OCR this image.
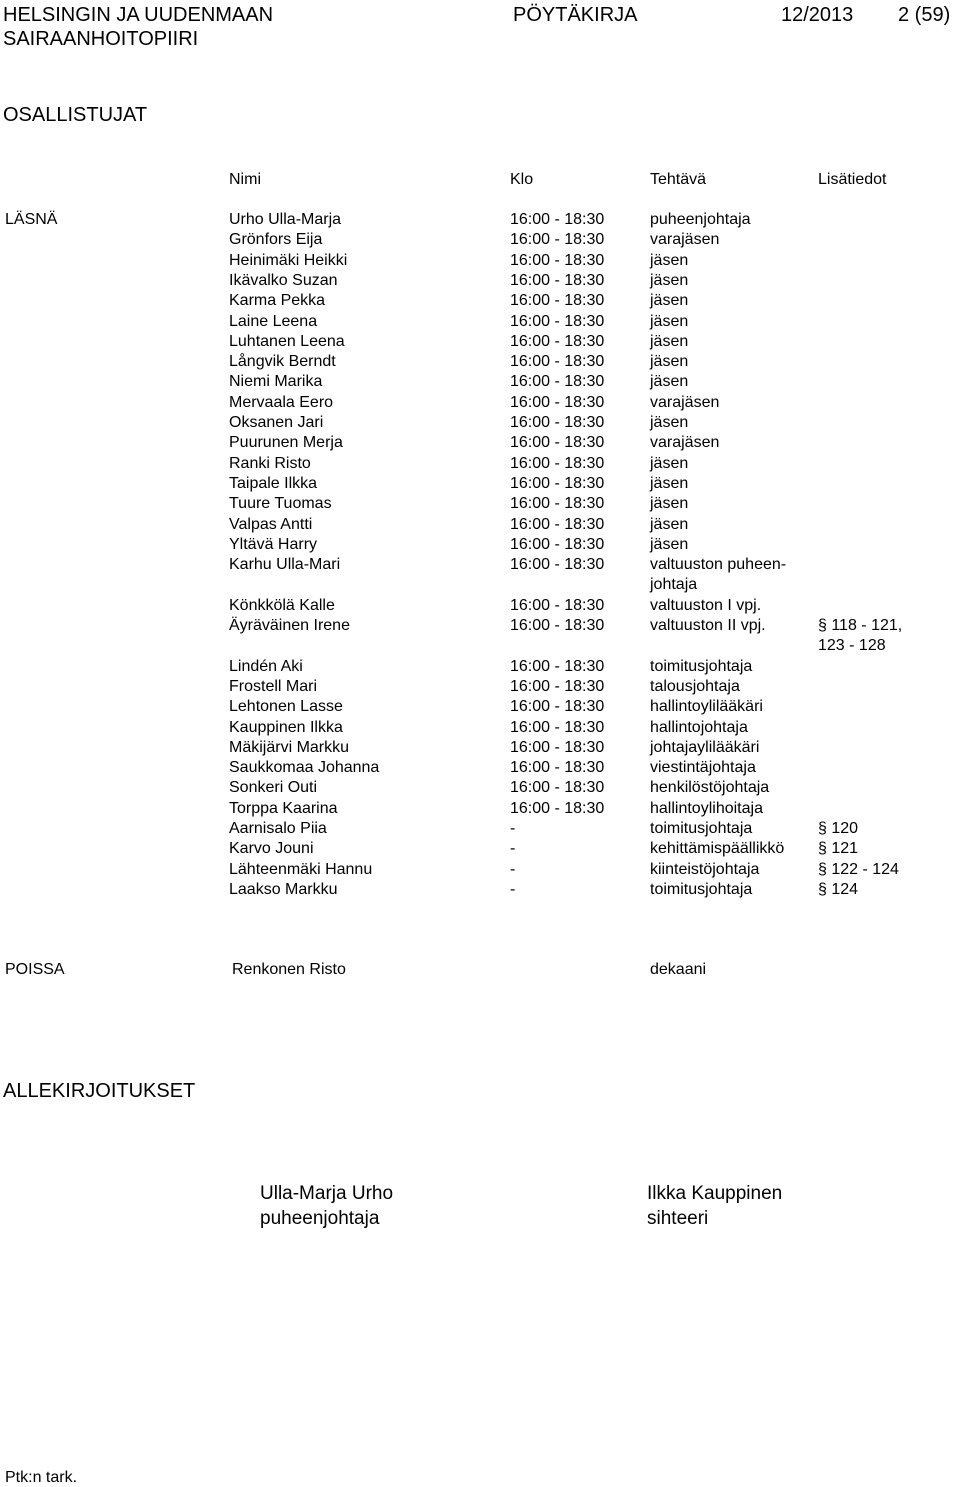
HELSINGIN JA UUDENMAAN
SAIRAANHOITOPIIRI
PÖYTÄKIRJA	12/2013 2 (59)
OSALLISTUJAT
Nimi	Klo	Tehtävä	Lisätiedot
LÄSNÄ	Urho Ulla-Marja	16:00 - 18:30	puheenjohtaja
Grönfors Eija	16:00 - 18:30	varajäsen
Heinimäki Heikki	16:00 - 18:30	jäsen
Ikävalko Suzan	16:00 - 18:30	jäsen
Karma Pekka	16:00 - 18:30	jäsen
Laine Leena	16:00 - 18:30	jäsen
Luhtanen Leena	16:00 - 18:30	jäsen
Långvik Berndt	16:00 - 18:30	jäsen
Niemi Marika	16:00 - 18:30	jäsen
Mervaala Eero	16:00 - 18:30	varajäsen
Oksanen Jari	16:00 - 18:30	jäsen
Puurunen Merja	16:00 - 18:30	varajäsen
Ranki Risto	16:00 - 18:30	jäsen
Taipale Ilkka	16:00 - 18:30	jäsen
Tuure Tuomas	16:00 - 18:30	jäsen
Valpas Antti	16:00 - 18:30	jäsen
Yltävä Harry	16:00 - 18:30	jäsen
Karhu Ulla-Mari	16:00 - 18:30	valtuuston puheen-
johtaja
Könkkölä Kalle	16:00 - 18:30	valtuuston I vpj.
Äyräväinen Irene	16:00 - 18:30	valtuuston II vpj.	§ 118 - 121,
123 - 128
Lindén Aki	16:00 - 18:30	toimitusjohtaja
Frostell Mari	16:00 - 18:30	talousjohtaja
Lehtonen Lasse	16:00 - 18:30	hallintoylilääkäri
Kauppinen Ilkka	16:00 - 18:30	hallintojohtaja
Mäkijärvi Markku	16:00 - 18:30	johtajaylilääkäri
Saukkomaa Johanna	16:00 - 18:30	viestintäjohtaja
Sonkeri Outi	16:00 - 18:30	henkilöstöjohtaja
Torppa Kaarina	16:00 - 18:30	hallintoylihoitaja
Aarnisalo Piia	-	toimitusjohtaja	§ 120
Karvo Jouni	-	kehittämispäällikkö § 121
Lähteenmäki Hannu	-	kiinteistöjohtaja	§ 122 - 124
Laakso Markku	-	toimitusjohtaja	§ 124
POISSA	Renkonen Risto	dekaani
ALLEKIRJOITUKSET
Ulla-Marja Urho
puheenjohtaja
Ilkka Kauppinen
sihteeri
Ptk:n tark.
